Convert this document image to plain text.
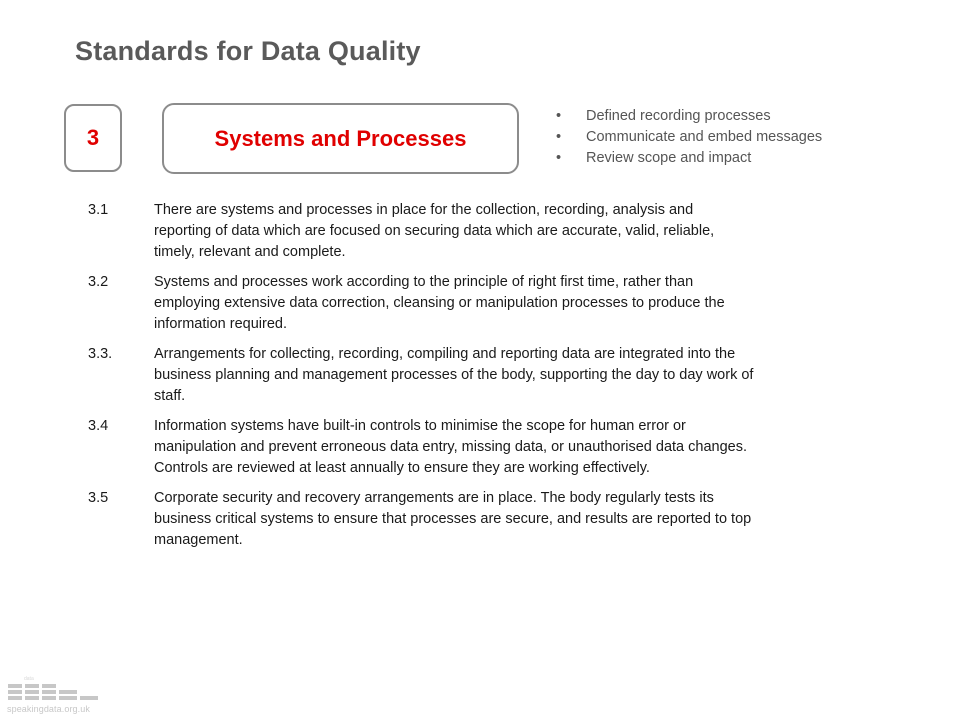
Standards for Data Quality
3	Systems and Processes
•	Defined recording processes
•	Communicate and embed messages
•	Review scope and impact
3.1	There are systems and processes in place for the collection, recording, analysis and reporting of data which are focused on securing data which are accurate, valid, reliable, timely, relevant and complete.
3.2	Systems and processes work according to the principle of right first time, rather than employing extensive data correction, cleansing or manipulation processes to produce the information required.
3.3.	Arrangements for collecting, recording, compiling and reporting data are integrated into the business planning and management processes of the body, supporting the day to day work of staff.
3.4	Information systems have built-in controls to minimise the scope for human error or manipulation and prevent erroneous data entry, missing data, or unauthorised data changes. Controls are reviewed at least annually to ensure they are working effectively.
3.5	Corporate security and recovery arrangements are in place. The body regularly tests its business critical systems to ensure that processes are secure, and results are reported to top management.
data
speakingdata.org.uk
